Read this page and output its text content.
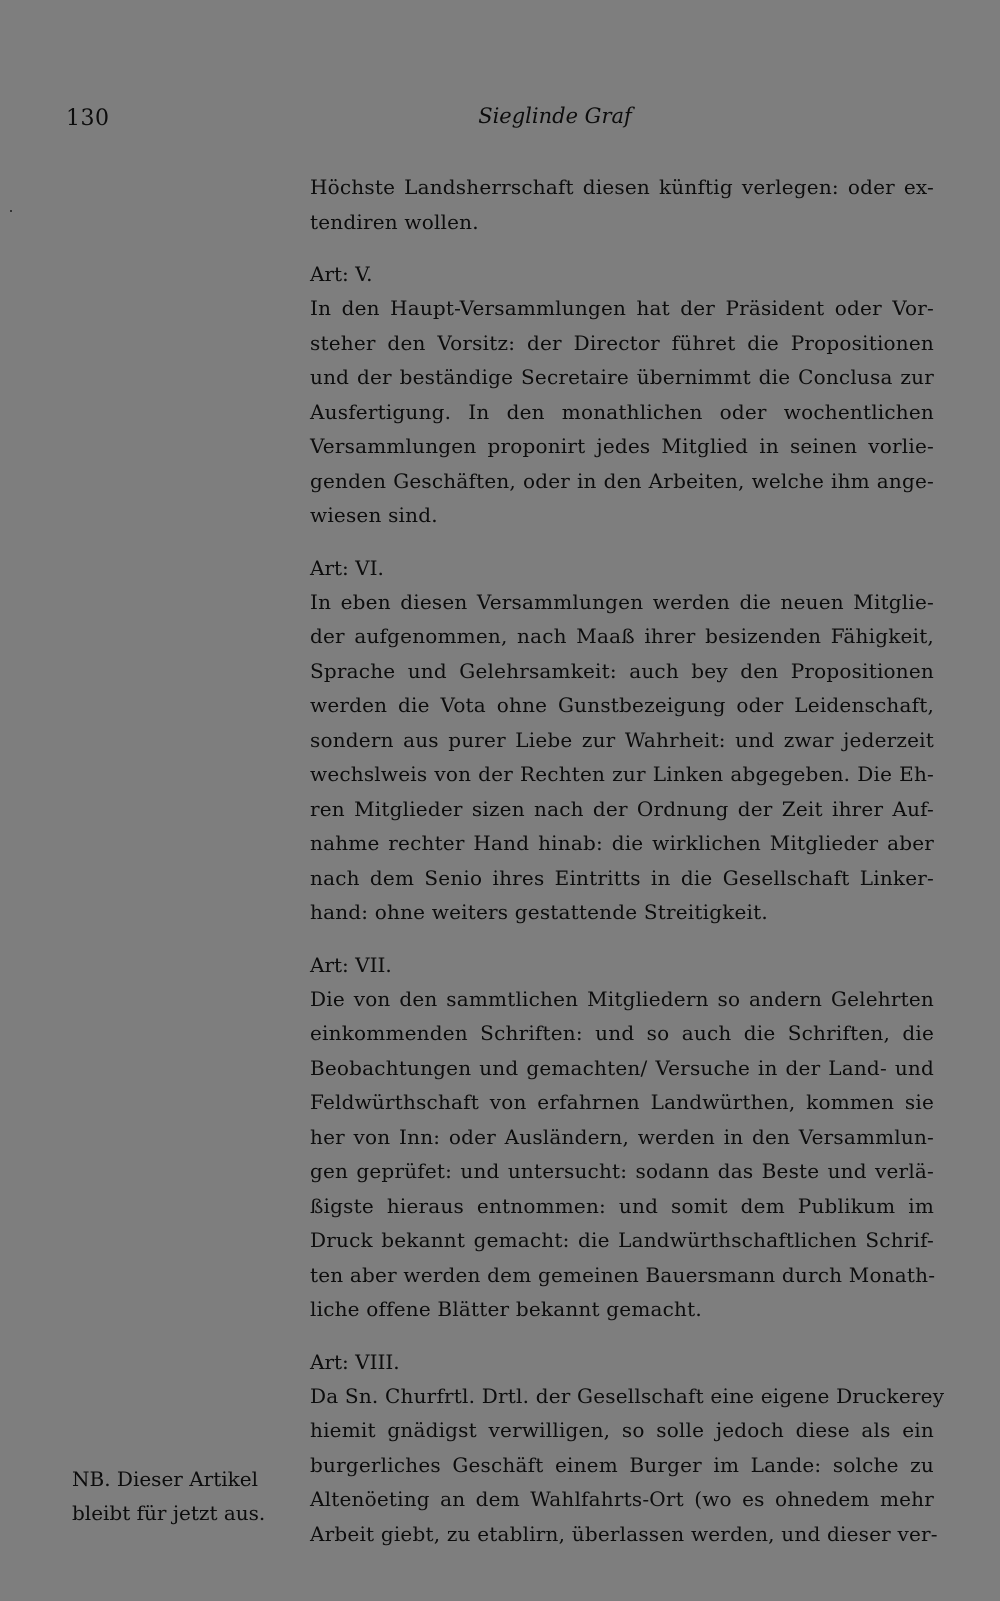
130	Sieglinde Graf
Höchste Landsherrschaft diesen künftig verlegen: oder ex-
tendiren wollen.
Art: V.
In den Haupt-Versammlungen hat der Präsident oder Vor-
steher den Vorsitz: der Director führet die Propositionen
und der beständige Secretaire übernimmt die Conclusa zur
Ausfertigung. In den monathlichen oder wochentlichen
Versammlungen proponirt jedes Mitglied in seinen vorlie-
genden Geschäften, oder in den Arbeiten, welche ihm ange-
wiesen sind.
Art: VI.
In eben diesen Versammlungen werden die neuen Mitglie-
der aufgenommen, nach Maaß ihrer besizenden Fähigkeit,
Sprache und Gelehrsamkeit: auch bey den Propositionen
werden die Vota ohne Gunstbezeigung oder Leidenschaft,
sondern aus purer Liebe zur Wahrheit: und zwar jederzeit
wechslweis von der Rechten zur Linken abgegeben. Die Eh-
ren Mitglieder sizen nach der Ordnung der Zeit ihrer Auf-
nahme rechter Hand hinab: die wirklichen Mitglieder aber
nach dem Senio ihres Eintritts in die Gesellschaft Linker-
hand: ohne weiters gestattende Streitigkeit.
Art: VII.
Die von den sammtlichen Mitgliedern so andern Gelehrten
einkommenden Schriften: und so auch die Schriften, die
Beobachtungen und gemachten/ Versuche in der Land- und
Feldwürthschaft von erfahrnen Landwürthen, kommen sie
her von Inn: oder Ausländern, werden in den Versammlun-
gen geprüfet: und untersucht: sodann das Beste und verlä-
ßigste hieraus entnommen: und somit dem Publikum im
Druck bekannt gemacht: die Landwürthschaftlichen Schrif-
ten aber werden dem gemeinen Bauersmann durch Monath-
liche offene Blätter bekannt gemacht.
Art: VIII.
Da Sn. Churfrtl. Drtl. der Gesellschaft eine eigene Druckerey
hiemit gnädigst verwilligen, so solle jedoch diese als ein
burgerliches Geschäft einem Burger im Lande: solche zu
Altenöeting an dem Wahlfahrts-Ort (wo es ohnedem mehr
Arbeit giebt, zu etablirn, überlassen werden, und dieser ver-
NB. Dieser Artikel
bleibt für jetzt aus.
